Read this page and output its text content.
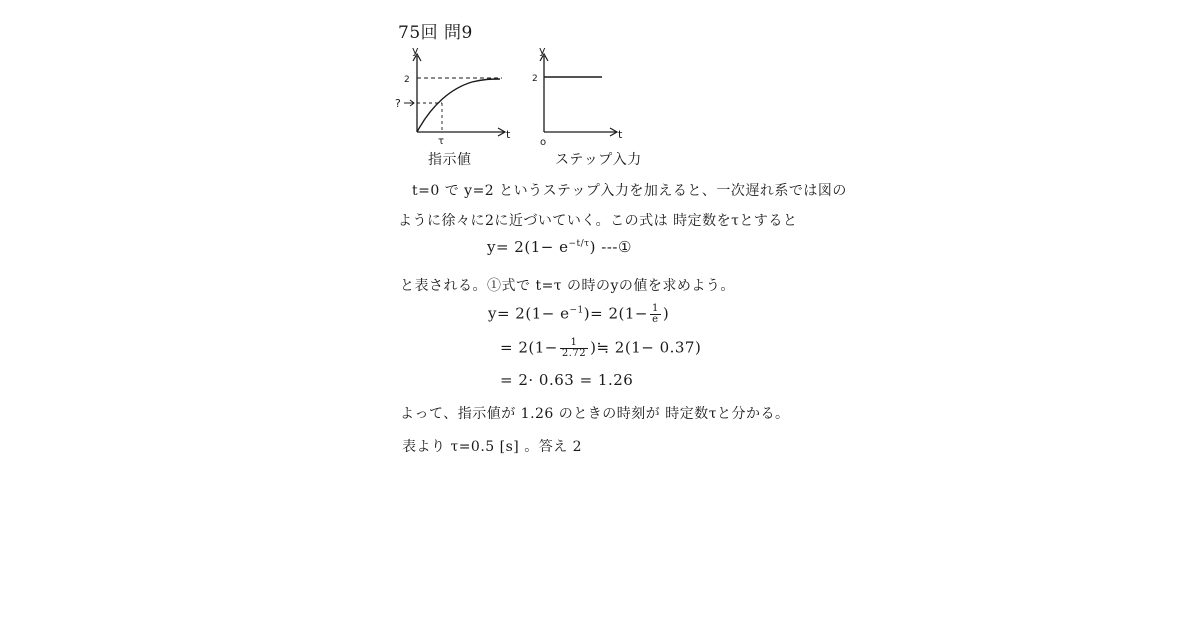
75回 問9
y
2
?
τ
t
指示値
y
2
o
t
ステップ入力
t=0 で y=2 というステップ入力を加えると、一次遅れ系では図の
ように徐々に2に近づいていく。この式は 時定数をτとすると
$y= 2(1- e^{-t/\tau})$ ---①
と表される。①式で t=τ の時のyの値を求めよう。
$y= 2(1- e^{-1})= 2(1- \frac{1}{e}$ )
= $2(1- \frac{1}{2.72}$ )≒ 2(1− 0.37)
= 2· 0.63 = 1.26
よって、指示値が 1.26 のときの時刻が 時定数τと分かる。
表より τ=0.5 [s] 。答え 2
